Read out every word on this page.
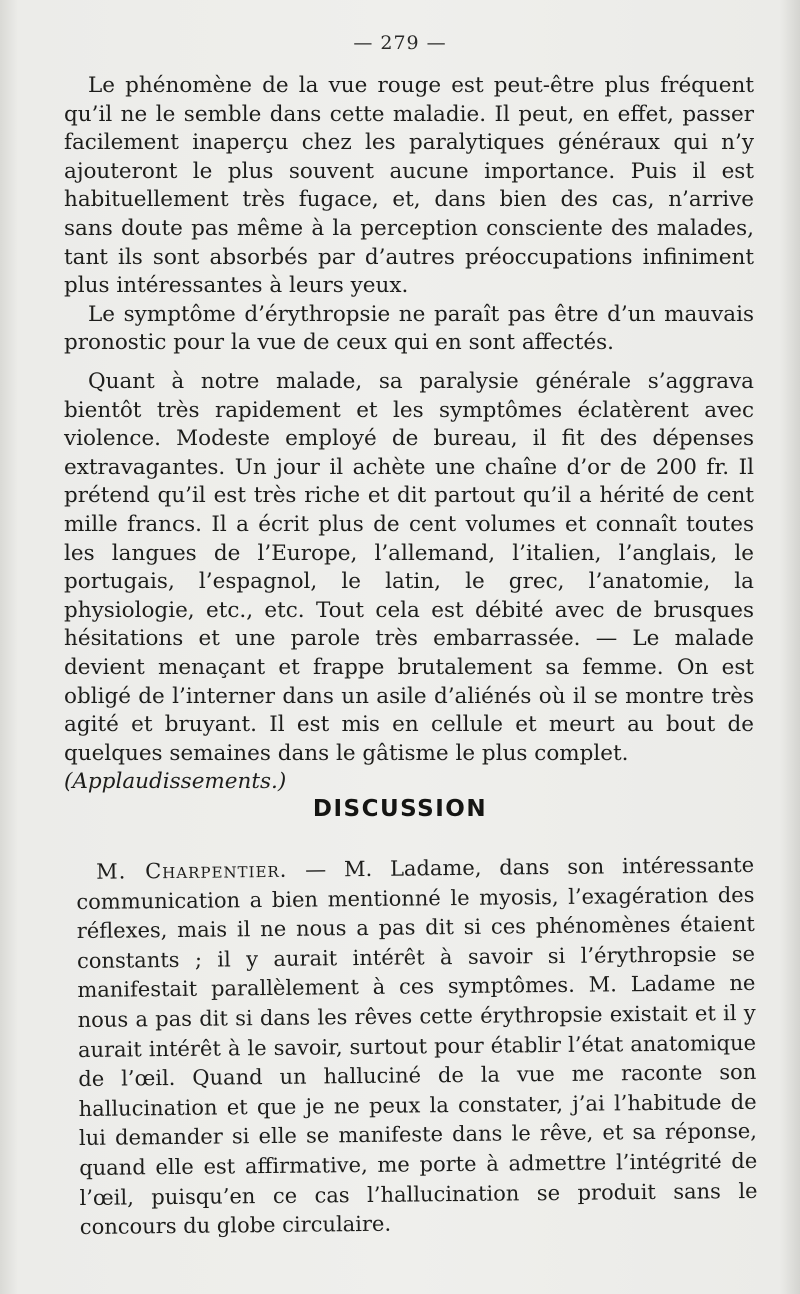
— 279 —

Le phénomène de la vue rouge est peut-être plus fréquent qu’il ne le semble dans cette maladie. Il peut, en effet, passer facilement inaperçu chez les paralytiques généraux qui n’y ajouteront le plus souvent aucune importance. Puis il est habituellement très fugace, et, dans bien des cas, n’arrive sans doute pas même à la perception consciente des malades, tant ils sont absorbés par d’autres préoccupations infiniment plus intéressantes à leurs yeux.

Le symptôme d’érythropsie ne paraît pas être d’un mauvais pronostic pour la vue de ceux qui en sont affectés.

Quant à notre malade, sa paralysie générale s’aggrava bientôt très rapidement et les symptômes éclatèrent avec violence. Modeste employé de bureau, il fit des dépenses extravagantes. Un jour il achète une chaîne d’or de 200 fr. Il prétend qu’il est très riche et dit partout qu’il a hérité de cent mille francs. Il a écrit plus de cent volumes et connaît toutes les langues de l’Europe, l’allemand, l’italien, l’anglais, le portugais, l’espagnol, le latin, le grec, l’anatomie, la physiologie, etc., etc. Tout cela est débité avec de brusques hésitations et une parole très embarrassée. — Le malade devient menaçant et frappe brutalement sa femme. On est obligé de l’interner dans un asile d’aliénés où il se montre très agité et bruyant. Il est mis en cellule et meurt au bout de quelques semaines dans le gâtisme le plus complet.
(Applaudissements.)

DISCUSSION

M. Charpentier. — M. Ladame, dans son intéressante communication a bien mentionné le myosis, l’exagération des réflexes, mais il ne nous a pas dit si ces phénomènes étaient constants ; il y aurait intérêt à savoir si l’érythropsie se manifestait parallèlement à ces symptômes. M. Ladame ne nous a pas dit si dans les rêves cette érythropsie existait et il y aurait intérêt à le savoir, surtout pour établir l’état anatomique de l’œil. Quand un halluciné de la vue me raconte son hallucination et que je ne peux la constater, j’ai l’habitude de lui demander si elle se manifeste dans le rêve, et sa réponse, quand elle est affirmative, me porte à admettre l’intégrité de l’œil, puisqu’en ce cas l’hallucination se produit sans le concours du globe circulaire.
